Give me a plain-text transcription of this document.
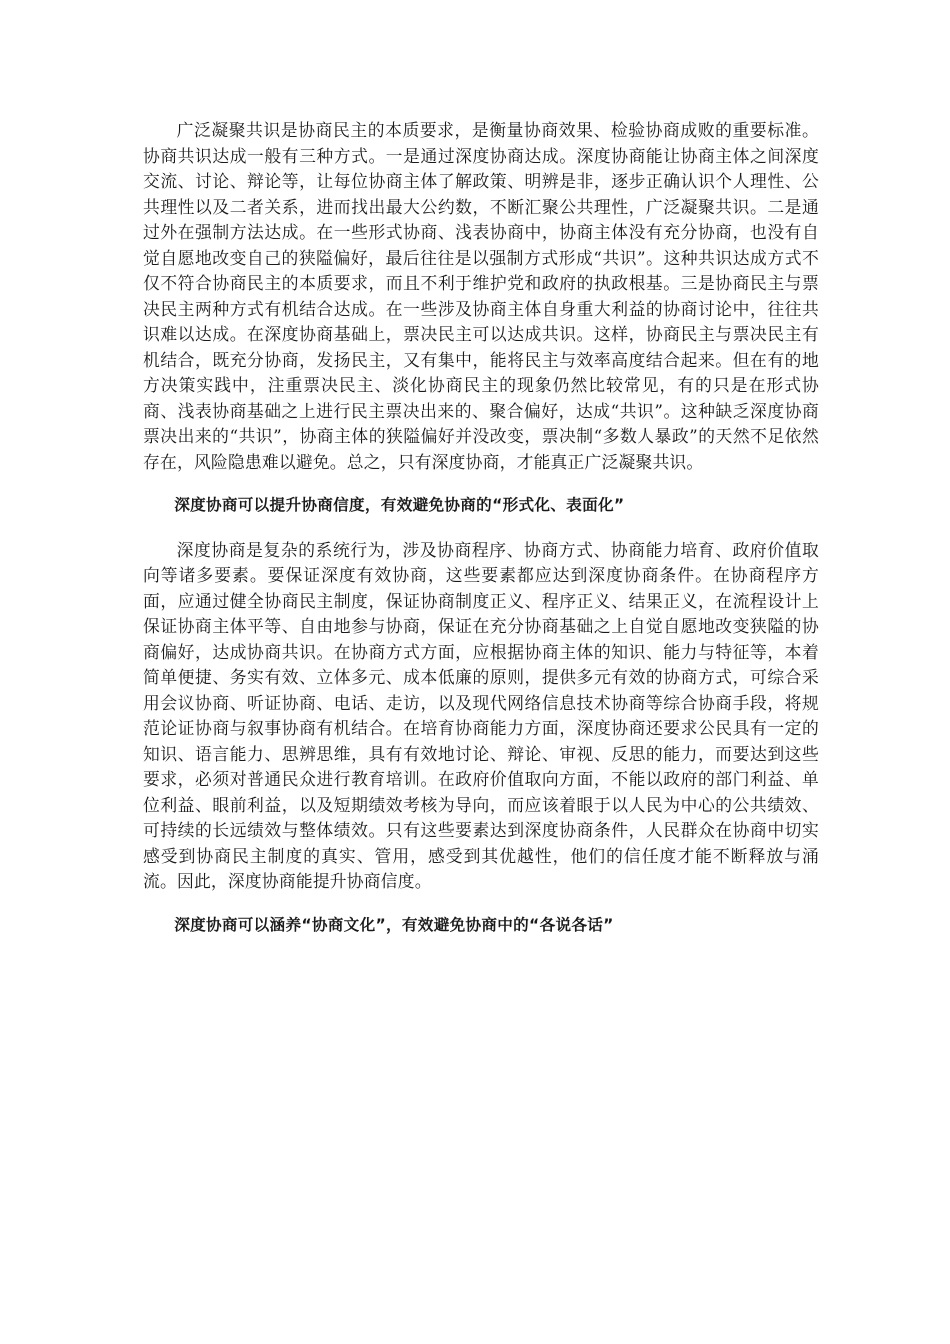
广泛凝聚共识是协商民主的本质要求，是衡量协商效果、检验协商成败的重要标准。协商共识达成一般有三种方式。一是通过深度协商达成。深度协商能让协商主体之间深度交流、讨论、辩论等，让每位协商主体了解政策、明辨是非，逐步正确认识个人理性、公共理性以及二者关系，进而找出最大公约数，不断汇聚公共理性，广泛凝聚共识。二是通过外在强制方法达成。在一些形式协商、浅表协商中，协商主体没有充分协商，也没有自觉自愿地改变自己的狭隘偏好，最后往往是以强制方式形成“共识”。这种共识达成方式不仅不符合协商民主的本质要求，而且不利于维护党和政府的执政根基。三是协商民主与票决民主两种方式有机结合达成。在一些涉及协商主体自身重大利益的协商讨论中，往往共识难以达成。在深度协商基础上，票决民主可以达成共识。这样，协商民主与票决民主有机结合，既充分协商，发扬民主，又有集中，能将民主与效率高度结合起来。但在有的地方决策实践中，注重票决民主、淡化协商民主的现象仍然比较常见，有的只是在形式协商、浅表协商基础之上进行民主票决出来的、聚合偏好，达成“共识”。这种缺乏深度协商票决出来的“共识”，协商主体的狭隘偏好并没改变，票决制“多数人暴政”的天然不足依然存在，风险隐患难以避免。总之，只有深度协商，才能真正广泛凝聚共识。

深度协商可以提升协商信度，有效避免协商的“形式化、表面化”

深度协商是复杂的系统行为，涉及协商程序、协商方式、协商能力培育、政府价值取向等诸多要素。要保证深度有效协商，这些要素都应达到深度协商条件。在协商程序方面，应通过健全协商民主制度，保证协商制度正义、程序正义、结果正义，在流程设计上保证协商主体平等、自由地参与协商，保证在充分协商基础之上自觉自愿地改变狭隘的协商偏好，达成协商共识。在协商方式方面，应根据协商主体的知识、能力与特征等，本着简单便捷、务实有效、立体多元、成本低廉的原则，提供多元有效的协商方式，可综合采用会议协商、听证协商、电话、走访，以及现代网络信息技术协商等综合协商手段，将规范论证协商与叙事协商有机结合。在培育协商能力方面，深度协商还要求公民具有一定的知识、语言能力、思辨思维，具有有效地讨论、辩论、审视、反思的能力，而要达到这些要求，必须对普通民众进行教育培训。在政府价值取向方面，不能以政府的部门利益、单位利益、眼前利益，以及短期绩效考核为导向，而应该着眼于以人民为中心的公共绩效、可持续的长远绩效与整体绩效。只有这些要素达到深度协商条件，人民群众在协商中切实感受到协商民主制度的真实、管用，感受到其优越性，他们的信任度才能不断释放与涌流。因此，深度协商能提升协商信度。

深度协商可以涵养“协商文化”，有效避免协商中的“各说各话”
